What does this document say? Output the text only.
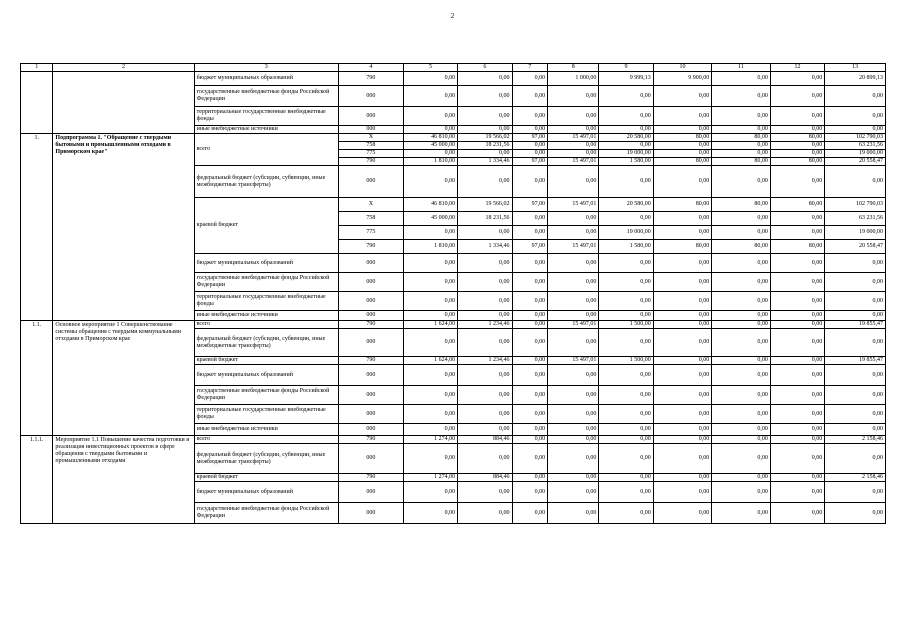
2
1	2	3	4	5	6	7	8	9	10	11	12	13
		бюджет муниципальных образований	790	0,00	0,00	0,00	1 000,00	9 999,13	9 900,00	0,00	0,00	20 899,13
		государственные внебюджетные фонды Российской Федерации	000	0,00	0,00	0,00	0,00	0,00	0,00	0,00	0,00	0,00
		территориальные государственные внебюджетные фонды	000	0,00	0,00	0,00	0,00	0,00	0,00	0,00	0,00	0,00
		иные внебюджетные источники	000	0,00	0,00	0,00	0,00	0,00	0,00	0,00	0,00	0,00
1.	Подпрограмма 1. "Обращение с твердыми бытовыми и промышленными отходами в Приморском крае"	всего	X	46 810,00	19 566,02	97,00	15 497,01	20 580,00	80,00	80,00	80,00	102 790,03
			758	45 000,00	18 231,56	0,00	0,00	0,00	0,00	0,00	0,00	63 231,56
			775	0,00	0,00	0,00	0,00	19 000,00	0,00	0,00	0,00	19 000,00
			790	1 810,00	1 334,46	97,00	15 497,01	1 580,00	80,00	80,00	80,00	20 558,47
		федеральный бюджет (субсидии, субвенции, иные межбюджетные трансферты)	000	0,00	0,00	0,00	0,00	0,00	0,00	0,00	0,00	0,00
		краевой бюджет	X	46 810,00	19 566,02	97,00	15 497,01	20 580,00	80,00	80,00	80,00	102 790,03
			758	45 000,00	18 231,56	0,00	0,00	0,00	0,00	0,00	0,00	63 231,56
			775	0,00	0,00	0,00	0,00	19 000,00	0,00	0,00	0,00	19 000,00
			790	1 810,00	1 334,46	97,00	15 497,01	1 580,00	80,00	80,00	80,00	20 558,47
		бюджет муниципальных образований	000	0,00	0,00	0,00	0,00	0,00	0,00	0,00	0,00	0,00
		государственные внебюджетные фонды Российской Федерации	000	0,00	0,00	0,00	0,00	0,00	0,00	0,00	0,00	0,00
		территориальные государственные внебюджетные фонды	000	0,00	0,00	0,00	0,00	0,00	0,00	0,00	0,00	0,00
		иные внебюджетные источники	000	0,00	0,00	0,00	0,00	0,00	0,00	0,00	0,00	0,00
1.1.	Основное мероприятие 1 Совершенствование системы обращения с твердыми коммунальными отходами в Приморском крае	всего	790	1 624,00	1 234,46	0,00	15 497,01	1 500,00	0,00	0,00	0,00	19 855,47
		федеральный бюджет (субсидии, субвенции, иные межбюджетные трансферты)	000	0,00	0,00	0,00	0,00	0,00	0,00	0,00	0,00	0,00
		краевой бюджет	790	1 624,00	1 234,46	0,00	15 497,01	1 500,00	0,00	0,00	0,00	19 855,47
		бюджет муниципальных образований	000	0,00	0,00	0,00	0,00	0,00	0,00	0,00	0,00	0,00
		государственные внебюджетные фонды Российской Федерации	000	0,00	0,00	0,00	0,00	0,00	0,00	0,00	0,00	0,00
		территориальные государственные внебюджетные фонды	000	0,00	0,00	0,00	0,00	0,00	0,00	0,00	0,00	0,00
		иные внебюджетные источники	000	0,00	0,00	0,00	0,00	0,00	0,00	0,00	0,00	0,00
1.1.1.	Мероприятие 1.1 Повышение качества подготовки и реализация инвестиционных проектов в сфере обращения с твердыми бытовыми и промышленными отходами	всего	790	1 274,00	884,46	0,00	0,00	0,00	0,00	0,00	0,00	2 158,46
		федеральный бюджет (субсидии, субвенции, иные межбюджетные трансферты)	000	0,00	0,00	0,00	0,00	0,00	0,00	0,00	0,00	0,00
		краевой бюджет	790	1 274,00	884,46	0,00	0,00	0,00	0,00	0,00	0,00	2 158,46
		бюджет муниципальных образований	000	0,00	0,00	0,00	0,00	0,00	0,00	0,00	0,00	0,00
		государственные внебюджетные фонды Российской Федерации	000	0,00	0,00	0,00	0,00	0,00	0,00	0,00	0,00	0,00
